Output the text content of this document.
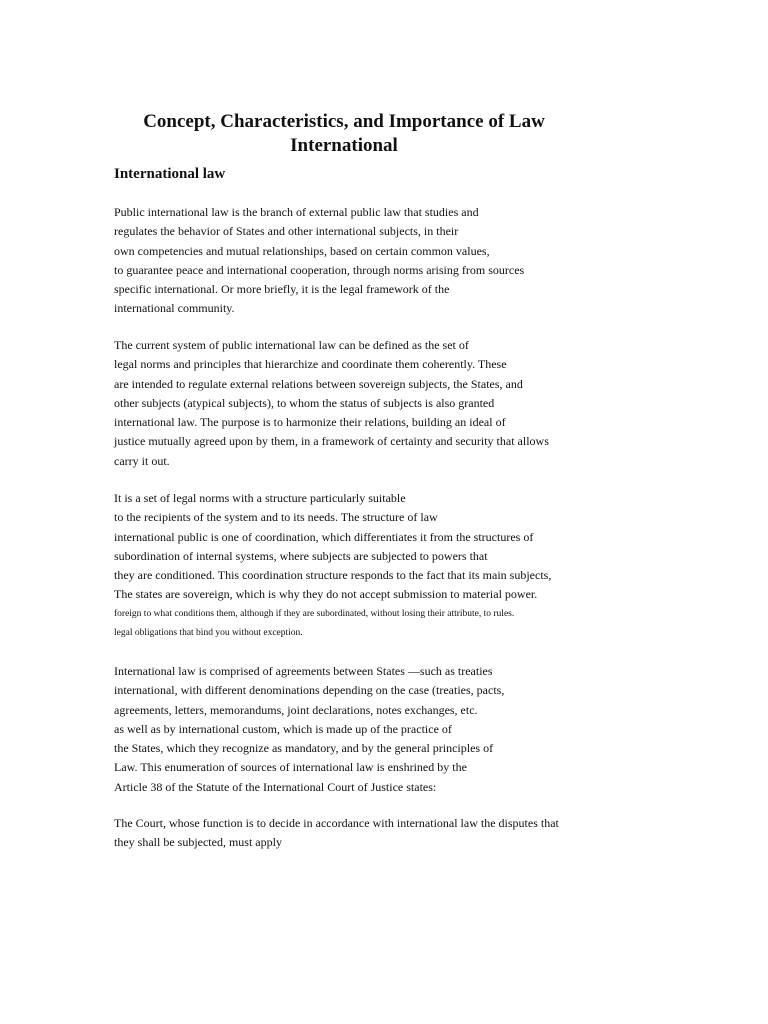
Concept, Characteristics, and Importance of Law
International
International law

Public international law is the branch of external public law that studies and
regulates the behavior of States and other international subjects, in their
own competencies and mutual relationships, based on certain common values,
to guarantee peace and international cooperation, through norms arising from sources
specific international. Or more briefly, it is the legal framework of the
international community.

The current system of public international law can be defined as the set of
legal norms and principles that hierarchize and coordinate them coherently. These
are intended to regulate external relations between sovereign subjects, the States, and
other subjects (atypical subjects), to whom the status of subjects is also granted
international law. The purpose is to harmonize their relations, building an ideal of
justice mutually agreed upon by them, in a framework of certainty and security that allows
carry it out.

It is a set of legal norms with a structure particularly suitable
to the recipients of the system and to its needs. The structure of law
international public is one of coordination, which differentiates it from the structures of
subordination of internal systems, where subjects are subjected to powers that
they are conditioned. This coordination structure responds to the fact that its main subjects,
The states are sovereign, which is why they do not accept submission to material power.
foreign to what conditions them, although if they are subordinated, without losing their attribute, to rules.
legal obligations that bind you without exception.

International law is comprised of agreements between States —such as treaties
international, with different denominations depending on the case (treaties, pacts,
agreements, letters, memorandums, joint declarations, notes exchanges, etc.
as well as by international custom, which is made up of the practice of
the States, which they recognize as mandatory, and by the general principles of
Law. This enumeration of sources of international law is enshrined by the
Article 38 of the Statute of the International Court of Justice states:

The Court, whose function is to decide in accordance with international law the disputes that
they shall be subjected, must apply
